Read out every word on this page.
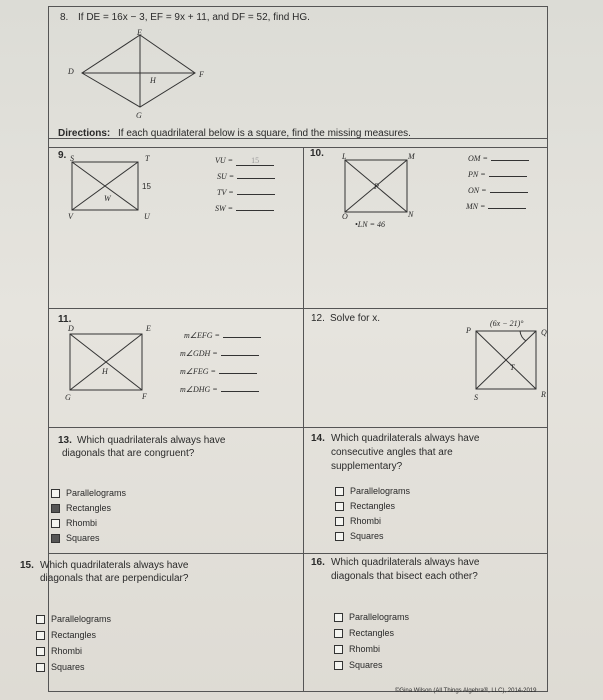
8. If DE = 16x − 3, EF = 9x + 11, and DF = 52, find HG.
E
F
G
D
H
Directions: If each quadrilateral below is a square, find the missing measures.
9. S	T
W
V	U
15
VU = 15
SU =
TV =
SW =
10. L	M
P
N
O
•LN = 46
OM =
PN =
ON =
MN =
11.
D	E
H
G	F
m∠EFG =
m∠GDH =
m∠FEG =
m∠DHG =
12. Solve for x.	(6x − 21)°
P	Q
T
S	R
13. Which quadrilaterals always have
diagonals that are congruent?
Parallelograms
Rectangles
Rhombi
Squares
14. Which quadrilaterals always have
consecutive angles that are
supplementary?
Parallelograms
Rectangles
Rhombi
Squares
15. Which quadrilaterals always have
diagonals that are perpendicular?
Parallelograms
Rectangles
Rhombi
Squares
16. Which quadrilaterals always have
diagonals that bisect each other?
Parallelograms
Rectangles
Rhombi
Squares
©Gina Wilson (All Things Algebra®, LLC), 2014-2019
